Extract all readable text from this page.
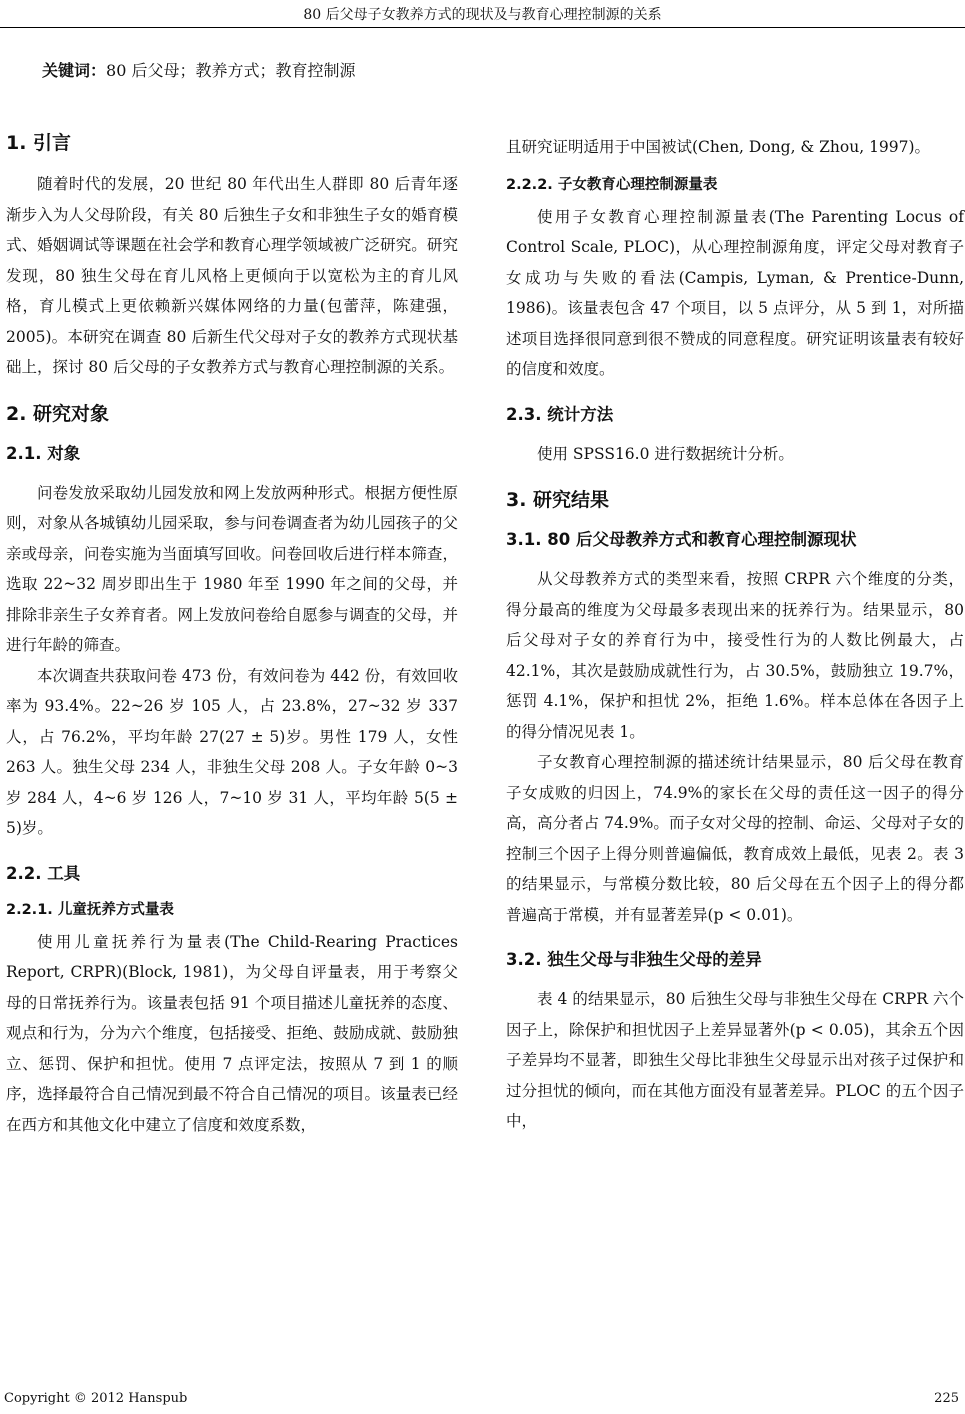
80 后父母子女教养方式的现状及与教育心理控制源的关系
关键词：80 后父母；教养方式；教育控制源
1. 引言

随着时代的发展，20 世纪 80 年代出生人群即 80 后青年逐渐步入为人父母阶段，有关 80 后独生子女和非独生子女的婚育模式、婚姻调试等课题在社会学和教育心理学领域被广泛研究。研究发现，80 独生父母在育儿风格上更倾向于以宽松为主的育儿风格，育儿模式上更依赖新兴媒体网络的力量(包蕾萍，陈建强，2005)。本研究在调查 80 后新生代父母对子女的教养方式现状基础上，探讨 80 后父母的子女教养方式与教育心理控制源的关系。

2. 研究对象
2.1. 对象

问卷发放采取幼儿园发放和网上发放两种形式。根据方便性原则，对象从各城镇幼儿园采取，参与问卷调查者为幼儿园孩子的父亲或母亲，问卷实施为当面填写回收。问卷回收后进行样本筛查，选取 22~32 周岁即出生于 1980 年至 1990 年之间的父母，并排除非亲生子女养育者。网上发放问卷给自愿参与调查的父母，并进行年龄的筛查。

本次调查共获取问卷 473 份，有效问卷为 442 份，有效回收率为 93.4%。22~26 岁 105 人，占 23.8%，27~32 岁 337 人，占 76.2%，平均年龄 27(27 ± 5)岁。男性 179 人，女性 263 人。独生父母 234 人，非独生父母 208 人。子女年龄 0~3 岁 284 人，4~6 岁 126 人，7~10 岁 31 人，平均年龄 5(5 ± 5)岁。

2.2. 工具
2.2.1. 儿童抚养方式量表

使用儿童抚养行为量表(The Child-Rearing Practices Report, CRPR)(Block, 1981)，为父母自评量表，用于考察父母的日常抚养行为。该量表包括 91 个项目描述儿童抚养的态度、观点和行为，分为六个维度，包括接受、拒绝、鼓励成就、鼓励独立、惩罚、保护和担忧。使用 7 点评定法，按照从 7 到 1 的顺序，选择最符合自己情况到最不符合自己情况的项目。该量表已经在西方和其他文化中建立了信度和效度系数，

且研究证明适用于中国被试(Chen, Dong, & Zhou, 1997)。

2.2.2. 子女教育心理控制源量表

使用子女教育心理控制源量表(The Parenting Locus of Control Scale, PLOC)，从心理控制源角度，评定父母对教育子女成功与失败的看法(Campis, Lyman, & Prentice-Dunn, 1986)。该量表包含 47 个项目，以 5 点评分，从 5 到 1，对所描述项目选择很同意到很不赞成的同意程度。研究证明该量表有较好的信度和效度。

2.3. 统计方法

使用 SPSS16.0 进行数据统计分析。

3. 研究结果
3.1. 80 后父母教养方式和教育心理控制源现状

从父母教养方式的类型来看，按照 CRPR 六个维度的分类，得分最高的维度为父母最多表现出来的抚养行为。结果显示，80 后父母对子女的养育行为中，接受性行为的人数比例最大，占 42.1%，其次是鼓励成就性行为，占 30.5%，鼓励独立 19.7%，惩罚 4.1%，保护和担忧 2%，拒绝 1.6%。样本总体在各因子上的得分情况见表 1。

子女教育心理控制源的描述统计结果显示，80 后父母在教育子女成败的归因上，74.9%的家长在父母的责任这一因子的得分高，高分者占 74.9%。而子女对父母的控制、命运、父母对子女的控制三个因子上得分则普遍偏低，教育成效上最低，见表 2。表 3 的结果显示，与常模分数比较，80 后父母在五个因子上的得分都普遍高于常模，并有显著差异(p < 0.01)。

3.2. 独生父母与非独生父母的差异

表 4 的结果显示，80 后独生父母与非独生父母在 CRPR 六个因子上，除保护和担忧因子上差异显著外(p < 0.05)，其余五个因子差异均不显著，即独生父母比非独生父母显示出对孩子过保护和过分担忧的倾向，而在其他方面没有显著差异。PLOC 的五个因子中，

Copyright © 2012 Hanspub	225
